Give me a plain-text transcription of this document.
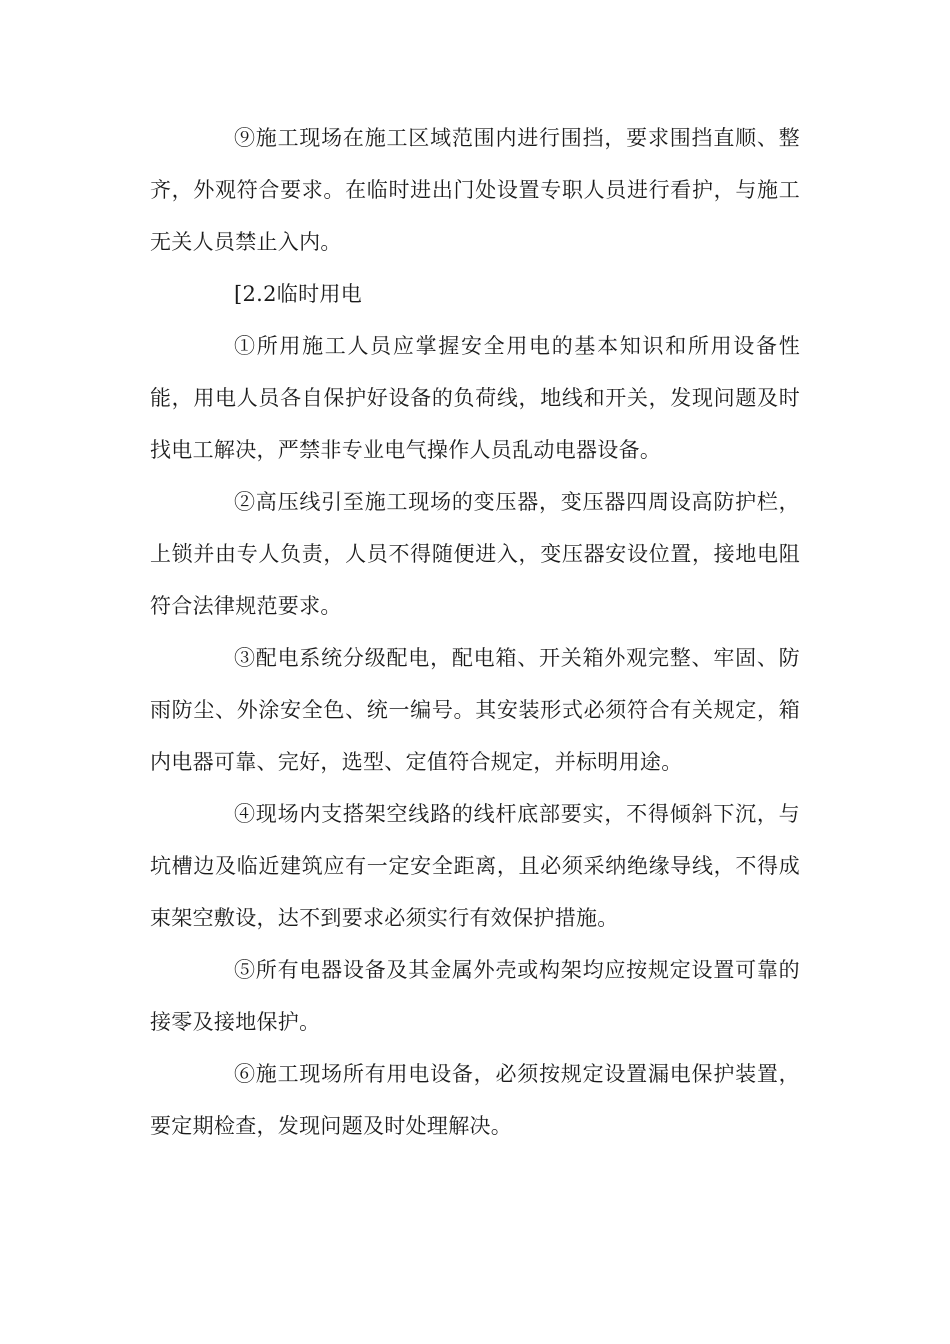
⑨施工现场在施工区域范围内进行围挡，要求围挡直顺、整齐，外观符合要求。在临时进出门处设置专职人员进行看护，与施工无关人员禁止入内。

[2.2临时用电

①所用施工人员应掌握安全用电的基本知识和所用设备性能，用电人员各自保护好设备的负荷线，地线和开关，发现问题及时找电工解决，严禁非专业电气操作人员乱动电器设备。

②高压线引至施工现场的变压器，变压器四周设高防护栏，上锁并由专人负责，人员不得随便进入，变压器安设位置，接地电阻符合法律规范要求。

③配电系统分级配电，配电箱、开关箱外观完整、牢固、防雨防尘、外涂安全色、统一编号。其安装形式必须符合有关规定，箱内电器可靠、完好，选型、定值符合规定，并标明用途。

④现场内支搭架空线路的线杆底部要实，不得倾斜下沉，与坑槽边及临近建筑应有一定安全距离，且必须采纳绝缘导线，不得成束架空敷设，达不到要求必须实行有效保护措施。

⑤所有电器设备及其金属外壳或构架均应按规定设置可靠的接零及接地保护。

⑥施工现场所有用电设备，必须按规定设置漏电保护装置，要定期检查，发现问题及时处理解决。
